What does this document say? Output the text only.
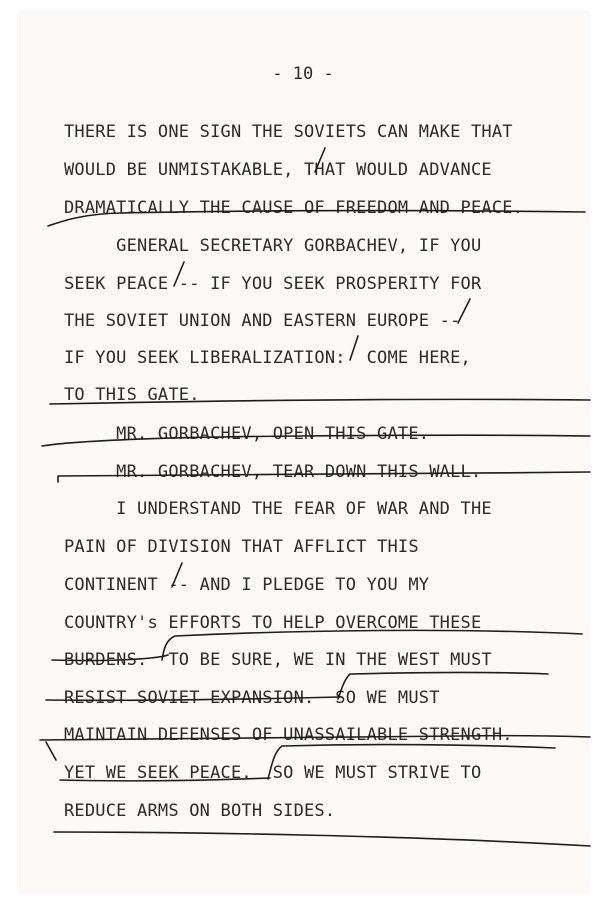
- 10 -
THERE IS ONE SIGN THE SOVIETS CAN MAKE THAT
WOULD BE UNMISTAKABLE, THAT WOULD ADVANCE
DRAMATICALLY THE CAUSE OF FREEDOM AND PEACE.
GENERAL SECRETARY GORBACHEV, IF YOU
SEEK PEACE -- IF YOU SEEK PROSPERITY FOR
THE SOVIET UNION AND EASTERN EUROPE --
IF YOU SEEK LIBERALIZATION:  COME HERE,
TO THIS GATE.
MR. GORBACHEV, OPEN THIS GATE.
MR. GORBACHEV, TEAR DOWN THIS WALL.
I UNDERSTAND THE FEAR OF WAR AND THE
PAIN OF DIVISION THAT AFFLICT THIS
CONTINENT -- AND I PLEDGE TO YOU MY
COUNTRY's EFFORTS TO HELP OVERCOME THESE
BURDENS.  TO BE SURE, WE IN THE WEST MUST
RESIST SOVIET EXPANSION.  SO WE MUST
MAINTAIN DEFENSES OF UNASSAILABLE STRENGTH.
YET WE SEEK PEACE.  SO WE MUST STRIVE TO
REDUCE ARMS ON BOTH SIDES.
